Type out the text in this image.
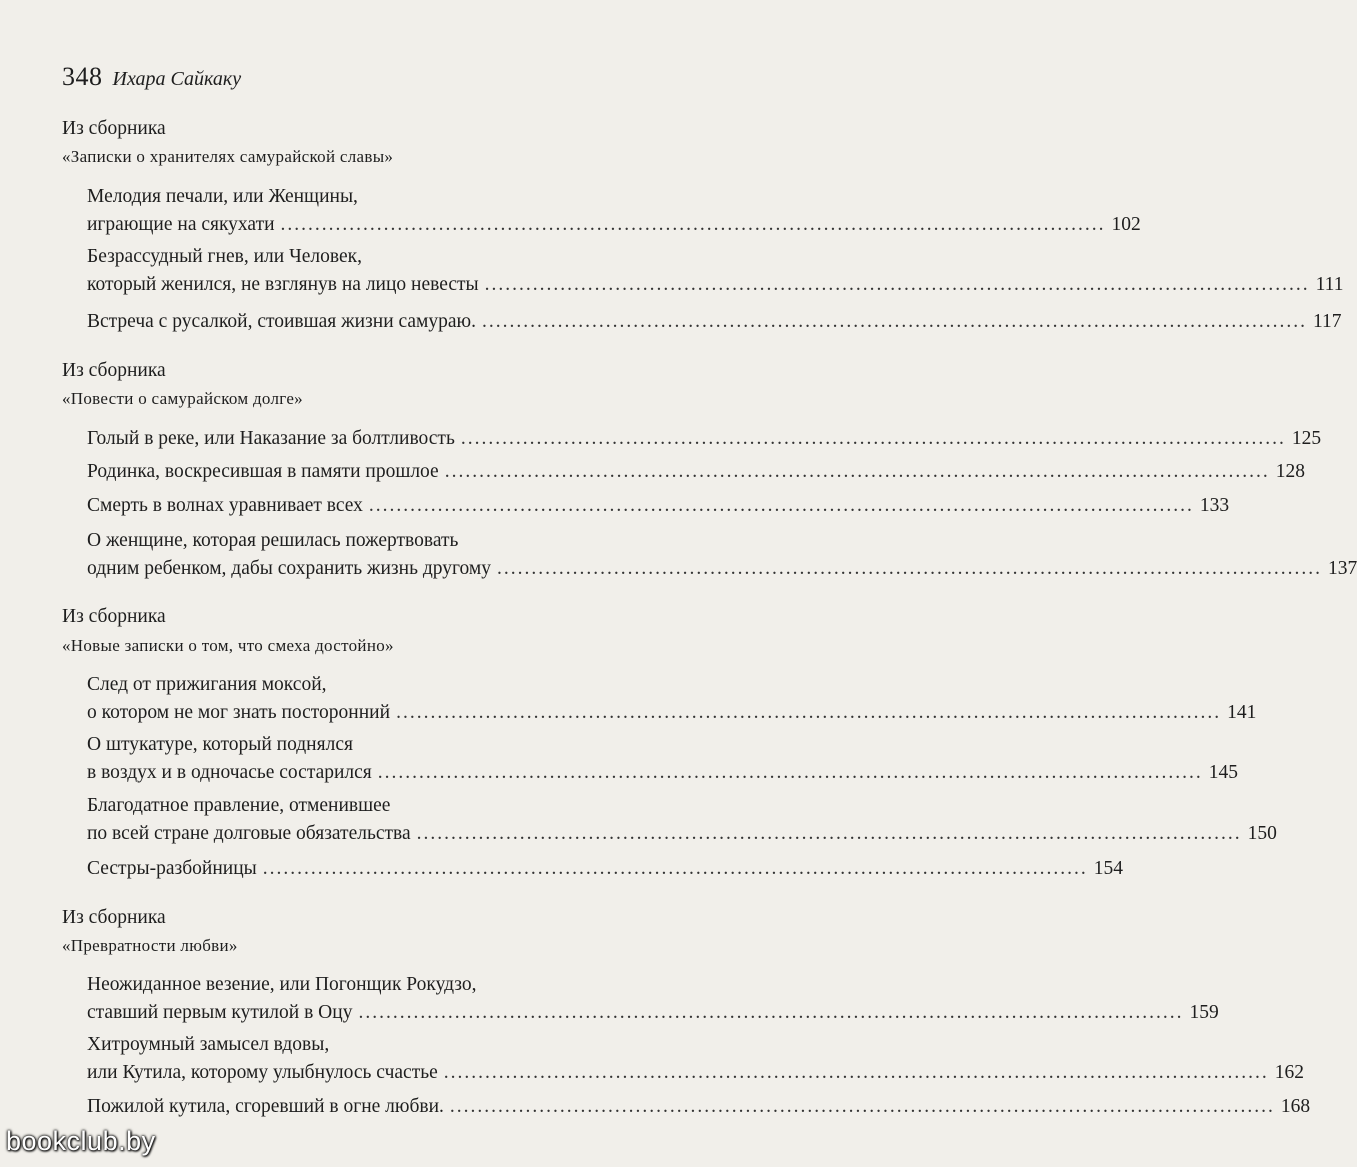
348 Ихара Сайкаку
Из сборника
«Записки о хранителях самурайской славы»
Мелодия печали, или Женщины,
играющие на сякухати ........................................................................................................................ 102
Безрассудный гнев, или Человек,
который женился, не взглянув на лицо невесты ........................................................................................................................ 111
Встреча с русалкой, стоившая жизни самураю. ........................................................................................................................ 117
Из сборника
«Повести о самурайском долге»
Голый в реке, или Наказание за болтливость ........................................................................................................................ 125
Родинка, воскресившая в памяти прошлое ........................................................................................................................ 128
Смерть в волнах уравнивает всех ........................................................................................................................ 133
О женщине, которая решилась пожертвовать
одним ребенком, дабы сохранить жизнь другому ........................................................................................................................ 137
Из сборника
«Новые записки о том, что смеха достойно»
След от прижигания моксой,
о котором не мог знать посторонний ........................................................................................................................ 141
О штукатуре, который поднялся
в воздух и в одночасье состарился ........................................................................................................................ 145
Благодатное правление, отменившее
по всей стране долговые обязательства ........................................................................................................................ 150
Сестры-разбойницы ........................................................................................................................ 154
Из сборника
«Превратности любви»
Неожиданное везение, или Погонщик Рокудзо,
ставший первым кутилой в Оцу ........................................................................................................................ 159
Хитроумный замысел вдовы,
или Кутила, которому улыбнулось счастье ........................................................................................................................ 162
Пожилой кутила, сгоревший в огне любви. ........................................................................................................................ 168
bookclub.by
